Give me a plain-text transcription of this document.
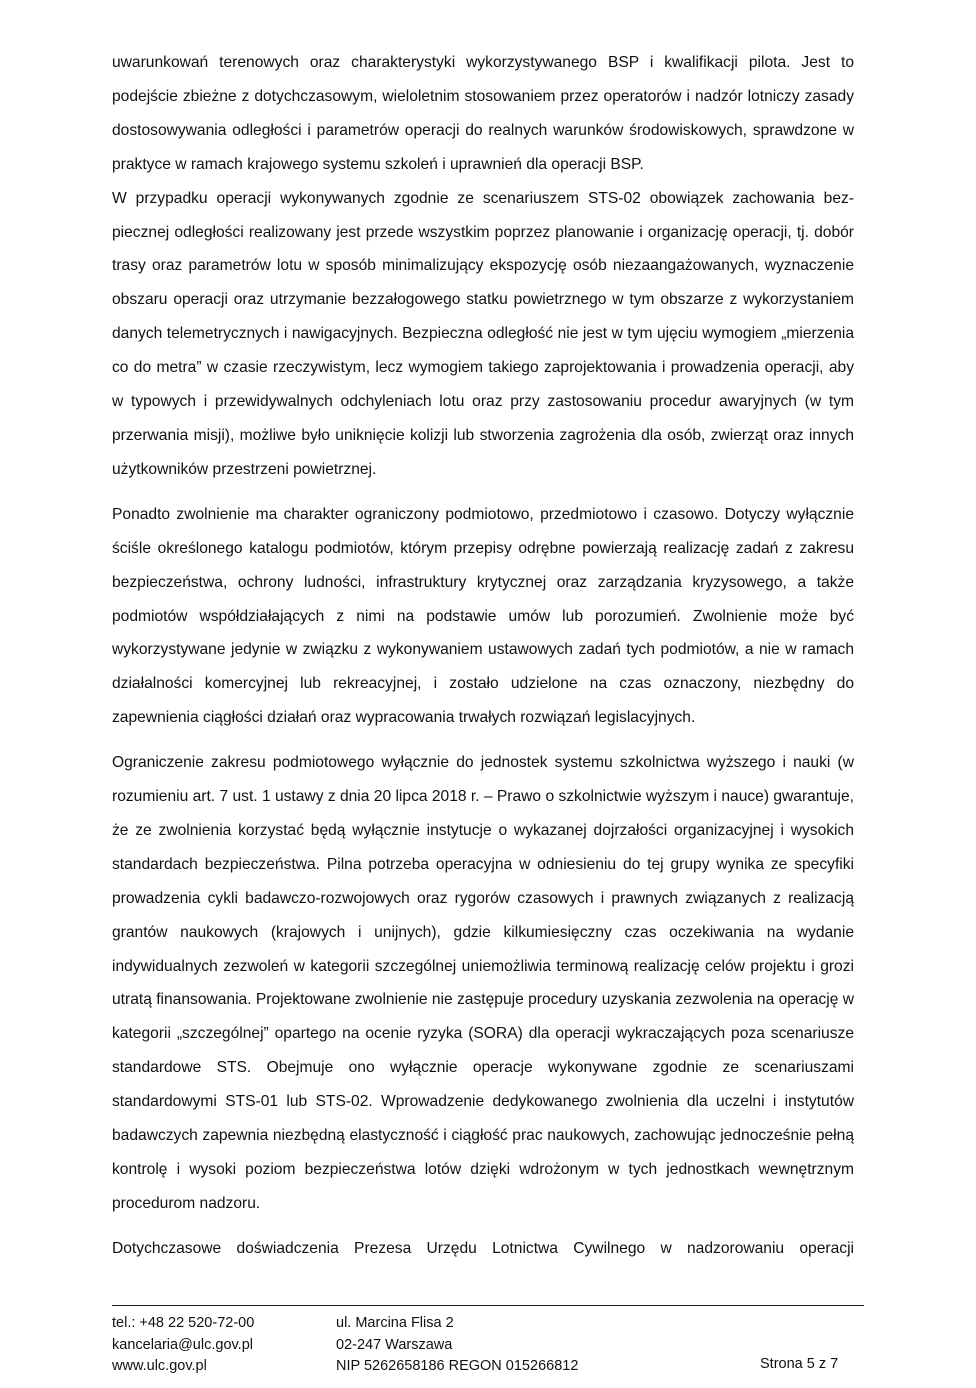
uwarunkowań terenowych oraz charakterystyki wykorzystywanego BSP i kwalifikacji pilota. Jest to podejście zbieżne z dotychczasowym, wieloletnim stosowaniem przez operatorów i nadzór lotniczy zasady dostosowywania odległości i parametrów operacji do realnych warunków środowiskowych, sprawdzone w praktyce w ramach krajowego systemu szkoleń i uprawnień dla operacji BSP.

W przypadku operacji wykonywanych zgodnie ze scenariuszem STS-02 obowiązek zachowania bezpiecznej odległości realizowany jest przede wszystkim poprzez planowanie i organizację operacji, tj. dobór trasy oraz parametrów lotu w sposób minimalizujący ekspozycję osób niezaangażowanych, wyznaczenie obszaru operacji oraz utrzymanie bezzałogowego statku powietrznego w tym obszarze z wykorzystaniem danych telemetrycznych i nawigacyjnych. Bezpieczna odległość nie jest w tym ujęciu wymogiem „mierzenia co do metra” w czasie rzeczywistym, lecz wymogiem takiego zaprojektowania i prowadzenia operacji, aby w typowych i przewidywalnych odchyleniach lotu oraz przy zastosowaniu procedur awaryjnych (w tym przerwania misji), możliwe było uniknięcie kolizji lub stworzenia zagrożenia dla osób, zwierząt oraz innych użytkowników przestrzeni powietrznej.

Ponadto zwolnienie ma charakter ograniczony podmiotowo, przedmiotowo i czasowo. Dotyczy wyłącznie ściśle określonego katalogu podmiotów, którym przepisy odrębne powierzają realizację zadań z zakresu bezpieczeństwa, ochrony ludności, infrastruktury krytycznej oraz zarządzania kryzysowego, a także podmiotów współdziałających z nimi na podstawie umów lub porozumień. Zwolnienie może być wykorzystywane jedynie w związku z wykonywaniem ustawowych zadań tych podmiotów, a nie w ramach działalności komercyjnej lub rekreacyjnej, i zostało udzielone na czas oznaczony, niezbędny do zapewnienia ciągłości działań oraz wypracowania trwałych rozwiązań legislacyjnych.

Ograniczenie zakresu podmiotowego wyłącznie do jednostek systemu szkolnictwa wyższego i nauki (w rozumieniu art. 7 ust. 1 ustawy z dnia 20 lipca 2018 r. – Prawo o szkolnictwie wyższym i nauce) gwarantuje, że ze zwolnienia korzystać będą wyłącznie instytucje o wykazanej dojrzałości organizacyjnej i wysokich standardach bezpieczeństwa. Pilna potrzeba operacyjna w odniesieniu do tej grupy wynika ze specyfiki prowadzenia cykli badawczo-rozwojowych oraz rygorów czasowych i prawnych związanych z realizacją grantów naukowych (krajowych i unijnych), gdzie kilkumiesięczny czas oczekiwania na wydanie indywidualnych zezwoleń w kategorii szczególnej uniemożliwia terminową realizację celów projektu i grozi utratą finansowania. Projektowane zwolnienie nie zastępuje procedury uzyskania zezwolenia na operację w kategorii „szczególnej” opartego na ocenie ryzyka (SORA) dla operacji wykraczających poza scenariusze standardowe STS. Obejmuje ono wyłącznie operacje wykonywane zgodnie ze scenariuszami standardowymi STS-01 lub STS-02. Wprowadzenie dedykowanego zwolnienia dla uczelni i instytutów badawczych zapewnia niezbędną elastyczność i ciągłość prac naukowych, zachowując jednocześnie pełną kontrolę i wysoki poziom bezpieczeństwa lotów dzięki wdrożonym w tych jednostkach wewnętrznym procedurom nadzoru.

Dotychczasowe doświadczenia Prezesa Urzędu Lotnictwa Cywilnego w nadzorowaniu operacji

tel.: +48 22 520-72-00
kancelaria@ulc.gov.pl
www.ulc.gov.pl
ul. Marcina Flisa 2
02-247 Warszawa
NIP 5262658186 REGON 015266812	Strona 5 z 7
